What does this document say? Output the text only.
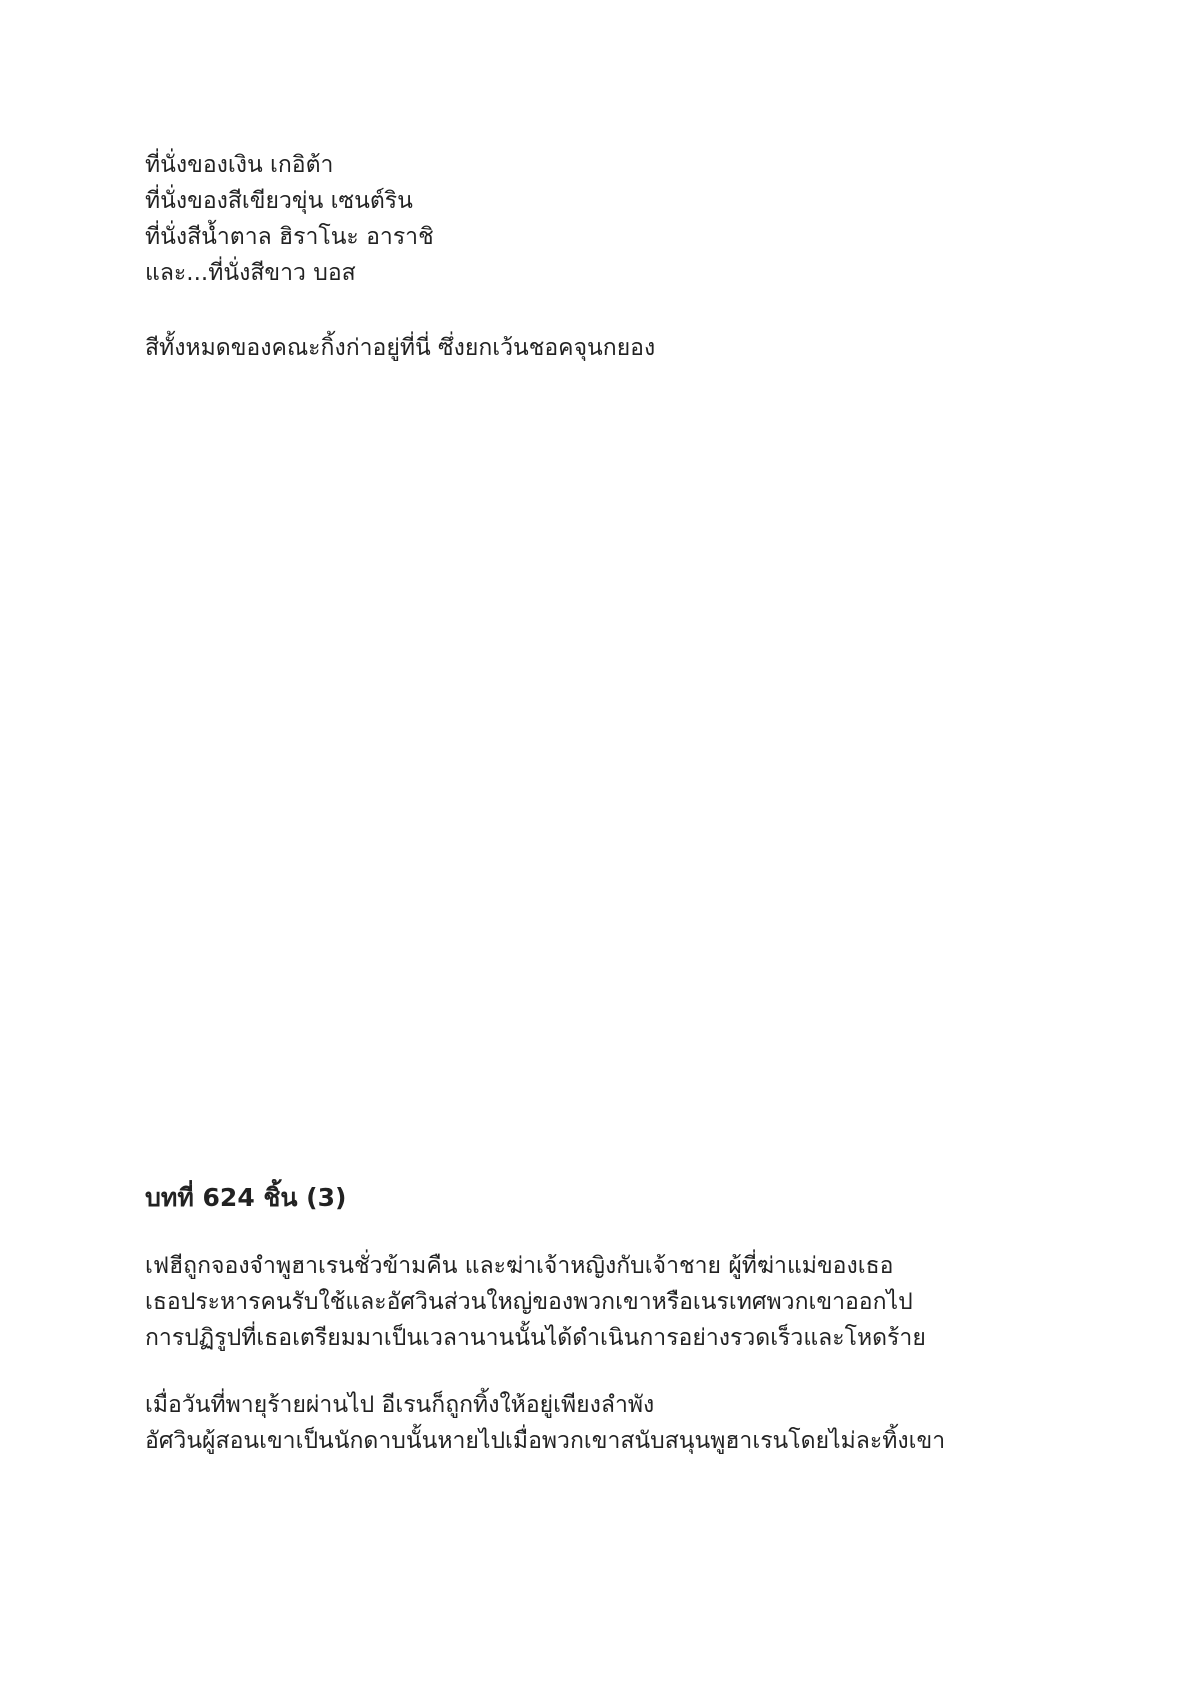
ที่นั่งของเงิน เกอิต้า
ที่นั่งของสีเขียวขุ่น เซนต์ริน
ที่นั่งสีน้ำตาล ฮิราโนะ อาราชิ
และ...ที่นั่งสีขาว บอส
สีทั้งหมดของคณะกิ้งก่าอยู่ที่นี่ ซึ่งยกเว้นชอคจุนกยอง
บทที่ 624 ชิ้น (3)
เฟฮีถูกจองจำพูฮาเรนชั่วข้ามคืน และฆ่าเจ้าหญิงกับเจ้าชาย ผู้ที่ฆ่าแม่ของเธอ
เธอประหารคนรับใช้และอัศวินส่วนใหญ่ของพวกเขาหรือเนรเทศพวกเขาออกไป
การปฏิรูปที่เธอเตรียมมาเป็นเวลานานนั้นได้ดำเนินการอย่างรวดเร็วและโหดร้าย
เมื่อวันที่พายุร้ายผ่านไป อีเรนก็ถูกทิ้งให้อยู่เพียงลำพัง
อัศวินผู้สอนเขาเป็นนักดาบนั้นหายไปเมื่อพวกเขาสนับสนุนพูฮาเรนโดยไม่ละทิ้งเขา
